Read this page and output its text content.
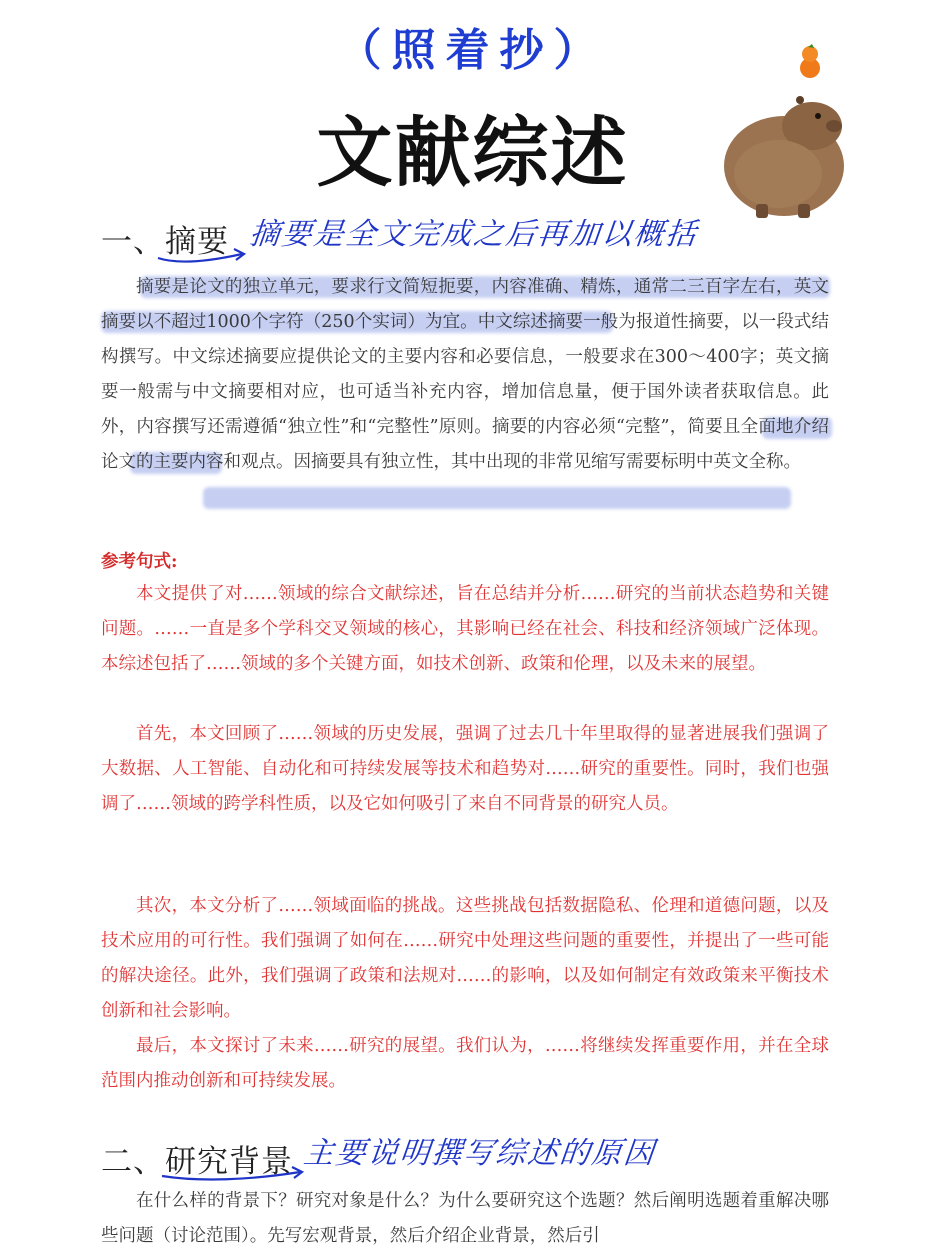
（照着抄）
文献综述
一、摘要 摘要是全文完成之后再加以概括
摘要是论文的独立单元，要求行文简短扼要，内容准确、精炼，通常二三百字左右，英文摘要以不超过1000个字符（250个实词）为宜。中文综述摘要一般为报道性摘要，以一段式结构撰写。中文综述摘要应提供论文的主要内容和必要信息，一般要求在300～400字；英文摘要一般需与中文摘要相对应，也可适当补充内容，增加信息量，便于国外读者获取信息。此外，内容撰写还需遵循“独立性”和“完整性”原则。摘要的内容必须“完整”，简要且全面地介绍论文的主要内容和观点。因摘要具有独立性，其中出现的非常见缩写需要标明中英文全称。
参考句式:
本文提供了对……领域的综合文献综述，旨在总结并分析……研究的当前状态趋势和关键问题。……一直是多个学科交叉领域的核心，其影响已经在社会、科技和经济领域广泛体现。本综述包括了……领域的多个关键方面，如技术创新、政策和伦理，以及未来的展望。
首先，本文回顾了……领域的历史发展，强调了过去几十年里取得的显著进展我们强调了大数据、人工智能、自动化和可持续发展等技术和趋势对……研究的重要性。同时，我们也强调了……领域的跨学科性质，以及它如何吸引了来自不同背景的研究人员。
其次，本文分析了……领域面临的挑战。这些挑战包括数据隐私、伦理和道德问题，以及技术应用的可行性。我们强调了如何在……研究中处理这些问题的重要性，并提出了一些可能的解决途径。此外，我们强调了政策和法规对……的影响，以及如何制定有效政策来平衡技术创新和社会影响。
最后，本文探讨了未来……研究的展望。我们认为，……将继续发挥重要作用，并在全球范围内推动创新和可持续发展。
二、研究背景 主要说明撰写综述的原因
在什么样的背景下？研究对象是什么？为什么要研究这个选题？然后阐明选题着重解决哪些问题（讨论范围）。先写宏观背景，然后介绍企业背景，然后引
